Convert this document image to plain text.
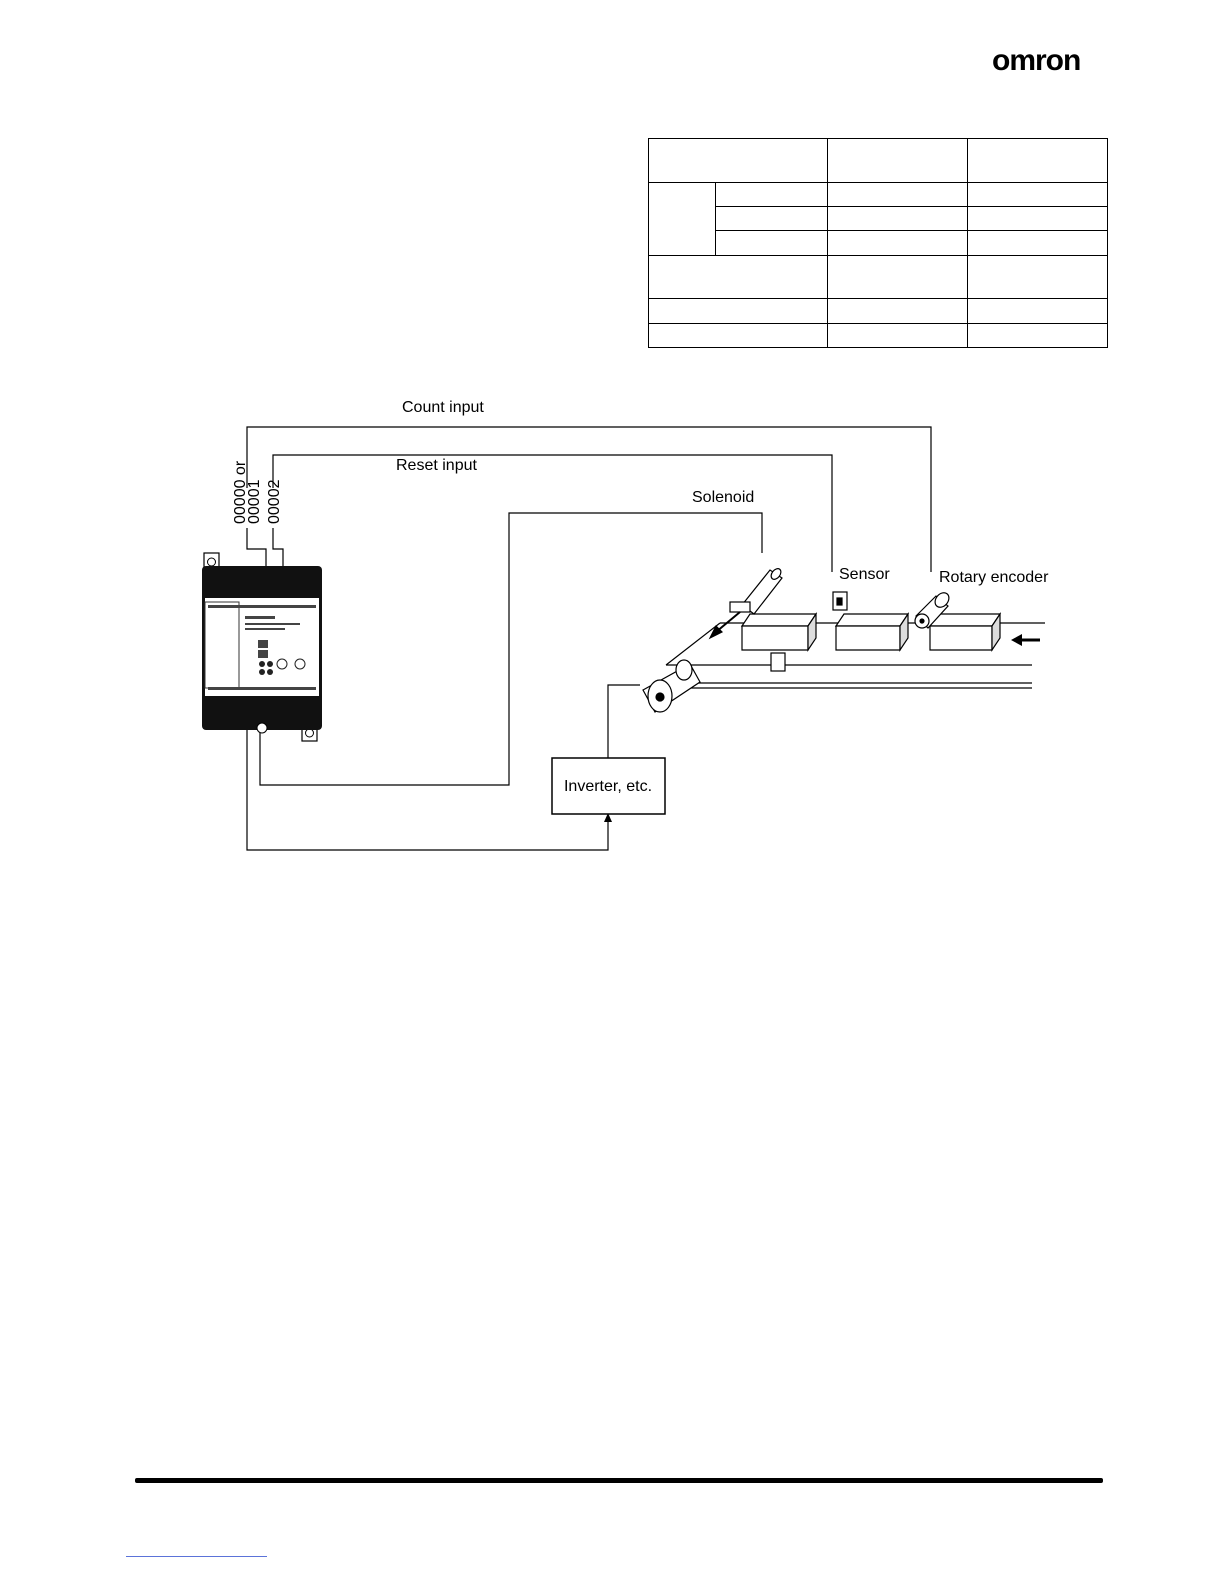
omron

Count input
Reset input
Solenoid
Sensor	Rotary encoder
00000 or
00001 00002
Inverter, etc.
